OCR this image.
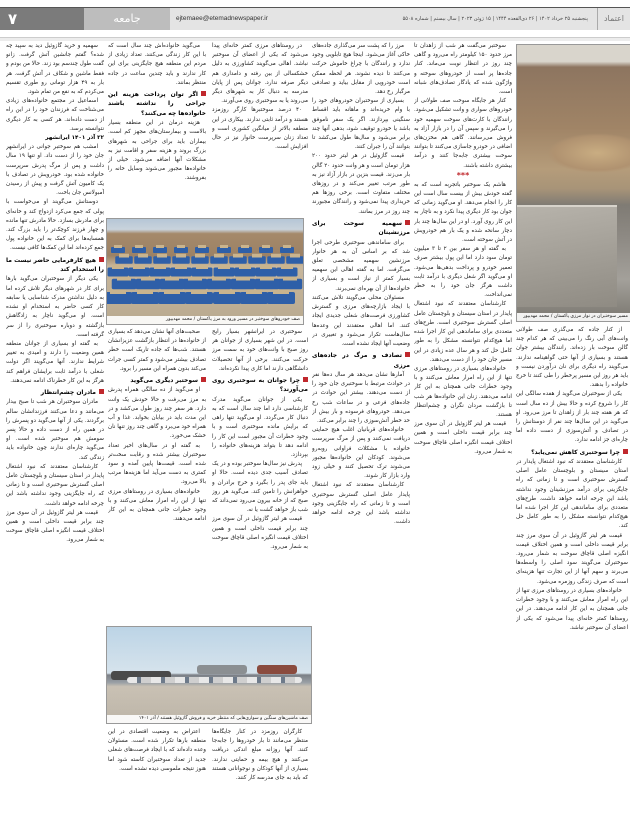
۷	جامعه	ejtemaee@etemadnewspaper.ir	پنجشنبه ۲۵ خرداد ۱۴۰۲ | ۲۶ ذی‌القعده ۱۴۴۴ | ۱۵ ژوئن ۲۰۲۳ | سال بیستم | شماره ۵۵۰۸	اعتماد

از کنار جاده که می‌گذری صف طولانی وانت‌های آبی رنگ را می‌بینی که هر کدام چند گالن سوخت بار زده‌اند. رانندگان بیشتر جوان هستند و بسیاری از آنها حتی گواهینامه ندارند. می‌گویند راه دیگری برای نان درآوردن نیست و باید هر روز این مسیر پرخطر را طی کنند تا خرج خانواده را بدهند.

یکی از سوختبران می‌گوید از هفده سالگی این کار را شروع کرده و حالا بیش از ده سال است که هر هفته چند بار از زاهدان تا مرز می‌رود. او می‌گوید در این سال‌ها چند نفر از دوستانش را در تصادف و آتش‌سوزی از دست داده اما چاره‌ای جز ادامه ندارد.

چرا سوختبری کاهش نمی‌یابد؟

کارشناسان معتقدند که نبود اشتغال پایدار در استان سیستان و بلوچستان عامل اصلی گسترش سوختبری است و تا زمانی که راه جایگزینی برای درآمد مرزنشینان وجود نداشته باشد این چرخه ادامه خواهد داشت. طرح‌های متعددی برای ساماندهی این کار اجرا شده اما هیچ‌کدام نتوانسته مشکل را به طور کامل حل کند.

قیمت هر لیتر گازوئیل در آن سوی مرز چند برابر قیمت داخلی است و همین اختلاف قیمت انگیزه اصلی قاچاق سوخت به شمار می‌رود. سوختبران می‌گویند سود اصلی را واسطه‌ها می‌برند و سهم آنها از این تجارت تنها هزینه‌ای است که صرف زندگی روزمره می‌شود.

خانواده‌های بسیاری در روستاهای مرزی تنها از این راه امرار معاش می‌کنند و با وجود خطرات جانی همچنان به این کار ادامه می‌دهند. در این روستاها کمتر خانه‌ای پیدا می‌شود که یکی از اعضای آن سوختبر نباشد.

سوختبر می‌گفت هر شب از زاهدان تا مرز حدود ۱۵۰ کیلومتر راه می‌رود و گاهی چند روز در انتظار نوبت می‌ماند. کنار جاده‌ها پر است از خودروهای سوخته و واژگون شده که یادگار تصادف‌های شبانه است.

کنار هر جایگاه سوخت صف طولانی از خودروهای سواری و وانت تشکیل می‌شود. رانندگان با کارت‌های سوخت سهمیه خود را می‌گیرند و سپس آن را در بازار آزاد به فروش می‌رسانند. گاهی هم مخزن‌های اضافی در خودرو جاسازی می‌کنند تا بتوانند سوخت بیشتری جابه‌جا کنند و درآمد بیشتری داشته باشند.

***

هاشم یک سوختبر باتجربه است که به گفته خودش بیش از بیست سال است این کار را انجام می‌دهد. او می‌گوید زمانی که جوان بود کار دیگری پیدا نکرد و به ناچار به این کار روی آورد. او در این سال‌ها چند بار دچار سانحه شده و یک بار هم خودرویش در آتش سوخته است.

به گفته او هر سفر بین ۲ تا ۳ میلیون تومان سود دارد اما این پول بیشتر صرف تعمیر خودرو و پرداخت بدهی‌ها می‌شود. او می‌گوید اگر شغل دیگری با درآمد ثابت داشت هرگز جان خود را به خطر نمی‌انداخت.

کارشناسان معتقدند که نبود اشتغال پایدار در استان سیستان و بلوچستان عامل اصلی گسترش سوختبری است. طرح‌های متعددی برای ساماندهی این کار اجرا شده اما هیچ‌کدام نتوانسته مشکل را به طور کامل حل کند و هر سال عده زیادی در این مسیر جان خود را از دست می‌دهند.

خانواده‌های بسیاری در روستاهای مرزی تنها از این راه امرار معاش می‌کنند و با وجود خطرات جانی همچنان به این کار ادامه می‌دهند. زنان این خانواده‌ها هر شب تا بازگشت مردان نگران و چشم‌انتظار هستند.

قیمت هر لیتر گازوئیل در آن سوی مرز چند برابر قیمت داخلی است و همین اختلاف قیمت انگیزه اصلی قاچاق سوخت به شمار می‌رود.

مرز را که پشت سر می‌گذاری جاده‌های خاکی آغاز می‌شود. اینجا هیچ تابلویی وجود ندارد و رانندگان با چراغ خاموش حرکت می‌کنند تا دیده نشوند. هر لحظه ممکن است خودرویی از مقابل بیاید و تصادفی مرگبار رخ دهد.

بسیاری از سوختبران خودروهای خود را با وام خریده‌اند و ماهانه باید اقساط سنگینی بپردازند. اگر یک سفر ناموفق باشد یا خودرو توقیف شود، بدهی آنها چند برابر می‌شود و سال‌ها طول می‌کشد تا بتوانند آن را جبران کنند.

قیمت گازوئیل در هر لیتر حدود ۲۰۰ هزار تومان است و هر وانت حدود ۲۰ گالن بار می‌زند. قیمت بنزین در بازار آزاد نیز به طور مرتب تغییر می‌کند و در روزهای مختلف متفاوت است. برخی روزها هم خریداری پیدا نمی‌شود و رانندگان مجبورند چند روز در مرز بمانند.

سهمیه سوخت برای مرزنشینان

برای ساماندهی سوختبری طرحی اجرا شد که بر اساس آن به هر خانوار مرزنشین سهمیه مشخصی تعلق می‌گرفت. اما به گفته اهالی این سهمیه بسیار کمتر از نیاز است و بسیاری از خانواده‌ها از آن بهره‌ای نمی‌برند.

مسئولان محلی می‌گویند تلاش می‌کنند با ایجاد بازارچه‌های مرزی و گسترش کشاورزی فرصت‌های شغلی جدیدی ایجاد کنند. اما اهالی معتقدند این وعده‌ها سال‌هاست تکرار می‌شود و تغییری در وضعیت آنها ایجاد نشده است.

تصادف و مرگ در جاده‌های مرزی

آمارها نشان می‌دهد هر سال ده‌ها نفر در حوادث مرتبط با سوختبری جان خود را از دست می‌دهند. بیشتر این حوادث در جاده‌های فرعی و در ساعات شب رخ می‌دهد. خودروهای فرسوده و بار بیش از حد خطر آتش‌سوزی را چند برابر می‌کند.

خانواده‌های قربانیان اغلب هیچ حمایتی دریافت نمی‌کنند و پس از مرگ سرپرست خانواده با مشکلات فراوانی روبه‌رو می‌شوند. کودکان این خانواده‌ها مجبور می‌شوند ترک تحصیل کنند و خیلی زود وارد بازار کار شوند.

کارشناسان معتقدند که نبود اشتغال پایدار عامل اصلی گسترش سوختبری است و تا زمانی که راه جایگزینی وجود نداشته باشد این چرخه ادامه خواهد داشت.

در روستاهای مرزی کمتر خانه‌ای پیدا می‌شود که یکی از اعضای آن سوختبر نباشد. اهالی می‌گویند کشاورزی به دلیل خشکسالی از بین رفته و دامداری هم دیگر صرفه ندارد. جوانان پس از پایان مدرسه به دنبال کار به شهرهای دیگر می‌روند یا به سوختبری روی می‌آورند.

۴۰ درصد سوختبرها کارگر روزمزد هستند و درآمد ثابتی ندارند. بیکاری در این منطقه بالاتر از میانگین کشوری است و تعداد زنان سرپرست خانوار نیز در حال افزایش است.

سوختبری در ایرانشهر بسیار رایج است. در این شهر بسیاری از جوانان هر روز صبح با وانت‌های خود به سمت مرز حرکت می‌کنند. برخی از آنها تحصیلات دانشگاهی دارند اما کاری پیدا نکرده‌اند.

چرا جوانان به سوختبری روی می‌آورند؟

یکی از جوانان می‌گوید مدرک کارشناسی دارد اما چند سال است که به دنبال کار می‌گردد. او می‌گوید تنها راهی که برایش مانده سوختبری است و با وجود خطرات آن مجبور است این کار را ادامه دهد تا بتواند هزینه‌های خانواده را بپردازد.

پدرش نیز سال‌ها سوختبر بوده و در یک تصادف آسیب جدی دیده است. حالا او باید جای پدر را بگیرد و خرج برادران و خواهرانش را تامین کند. می‌گوید هر روز صبح که از خانه بیرون می‌رود نمی‌داند که شب باز خواهد گشت یا نه.

قیمت هر لیتر گازوئیل در آن سوی مرز چند برابر قیمت داخلی است و همین اختلاف قیمت انگیزه اصلی قاچاق سوخت به شمار می‌رود.

کارگران روزمزد در کنار جایگاه‌ها منتظر می‌مانند تا بار خودروها را جابه‌جا کنند. آنها روزانه مبلغ اندکی دریافت می‌کنند و هیچ بیمه و حمایتی ندارند. بسیاری از آنها کودکان و نوجوانانی هستند که باید به جای مدرسه کار کنند.

می‌گوید خانواده‌اش چند سال است که با این کار زندگی می‌کنند. تعداد زیادی از مردم این منطقه هیچ جایگزینی برای این کار ندارند و باید چندین ساعت در جاده منتظر بمانند.

اگر توان پرداخت هزینه این جراحی را نداشته باشند خانواده‌ها چه می‌کنند؟

هزینه درمان در این منطقه بسیار بالاست و بیمارستان‌های مجهز کم است. بیماران باید برای جراحی به شهرهای بزرگ بروند و هزینه سفر و اقامت نیز به مشکلات آنها اضافه می‌شود. خیلی از خانواده‌ها مجبور می‌شوند وسایل خانه را بفروشند.

صحبت‌های آنها نشان می‌دهد که بسیاری از خانواده‌ها در انتظار بازگشت عزیزانشان هستند. شب‌ها که جاده تاریک است خطر تصادف بیشتر می‌شود و کمتر کسی جرات می‌کند بدون همراه این مسیر را برود.

سوختبر دیگری می‌گوید

او می‌گوید از ده سالگی همراه پدرش به مرز می‌رفت و حالا خودش یک وانت دارد. هر سفر چند روز طول می‌کشد و در این مدت باید در بیابان بخوابد. غذا و آب همراه خود می‌برد و گاهی چند روز تنها نان خشک می‌خورد.

به گفته او در سال‌های اخیر تعداد سوختبران بیشتر شده و رقابت سخت‌تر شده است. قیمت‌ها پایین آمده و سود کمتری به دست می‌آید اما هزینه‌ها مرتب بالا می‌رود.

خانواده‌های بسیاری در روستاهای مرزی تنها از این راه امرار معاش می‌کنند و با وجود خطرات جانی همچنان به این کار ادامه می‌دهند.

اعتراض به وضعیت اقتصادی در این منطقه بارها تکرار شده است. مسئولان وعده داده‌اند که با ایجاد فرصت‌های شغلی جدید از تعداد سوختبران کاسته شود اما هنوز نتیجه ملموسی دیده نشده است.

سهمیه و خرید گازوئیل دید به سپید چه شده؟ گفتم جانشین آتش گرفت. زانو گفت طول چندسم بود زند. حالا من بودم و فقط ماشین و شکاف در آتش گرفت. هر بار به ۴۹ هزار تومانی رو طوری تقسیم می‌کردم که به نفع من تمام شود.

اسماعیل در مجتمع خانواده‌های زیادی می‌شناخت که فرزندان خود را در این راه از دست داده‌اند. هر کسی به کار دیگری نتوانسته برسد.

۲۲ آذر ۱۴۰۱ ایرانشهر

امشب هم سوختبر جوانی در ایرانشهر جان خود را از دست داد. او تنها ۱۹ سال داشت و پس از مرگ پدرش سرپرست خانواده شده بود. خودرویش در تصادف با یک کامیون آتش گرفت و پیش از رسیدن آمبولانس جان باخت.

دوستانش می‌گویند او می‌خواست با پولی که جمع می‌کرد ازدواج کند و خانه‌ای برای مادرش بسازد. حالا مادرش تنها مانده و چهار فرزند کوچک‌تر را باید بزرگ کند. همسایه‌ها برای کمک به این خانواده پول جمع کرده‌اند اما این کمک‌ها کافی نیست.

هیچ کارفرمایی حاضر نیست ما را استخدام کند

یکی دیگر از سوختبران می‌گوید بارها برای کار در شهرهای دیگر تلاش کرده اما به دلیل نداشتن مدرک شناسایی یا سابقه کار کسی حاضر به استخدام او نشده است. او می‌گوید ناچار به زادگاهش بازگشته و دوباره سوختبری را از سر گرفته است.

به گفته او بسیاری از جوانان منطقه همین وضعیت را دارند و امیدی به تغییر شرایط ندارند. آنها می‌گویند اگر دولت شغلی با درآمد ثابت برایشان فراهم کند هرگز به این کار خطرناک ادامه نمی‌دهند.

مادران چشم‌انتظار

مادران سوختبران هر شب تا صبح بیدار می‌مانند و دعا می‌کنند فرزندانشان سالم برگردند. یکی از آنها می‌گوید دو پسرش را در همین راه از دست داده و حالا پسر سومش هم سوختبر شده است. او می‌گوید چاره‌ای ندارند چون خانواده باید زندگی کند.

کارشناسان معتقدند که نبود اشتغال پایدار در استان سیستان و بلوچستان عامل اصلی گسترش سوختبری است و تا زمانی که راه جایگزینی وجود نداشته باشد این چرخه ادامه خواهد داشت.

قیمت هر لیتر گازوئیل در آن سوی مرز چند برابر قیمت داخلی است و همین اختلاف قیمت انگیزه اصلی قاچاق سوخت به شمار می‌رود.

مسیر سوختبران در نوار مرزی پاکستان / محمد مهدیپور
صف خودروهای سوختبر در مسیر ورود به مرز پاکستان / محمد مهدیپور
صف ماشین‌های سنگین و سواری‌هایی که منتظر خرید و فروش گازوئیل هستند / آذر ۱۴۰۱
